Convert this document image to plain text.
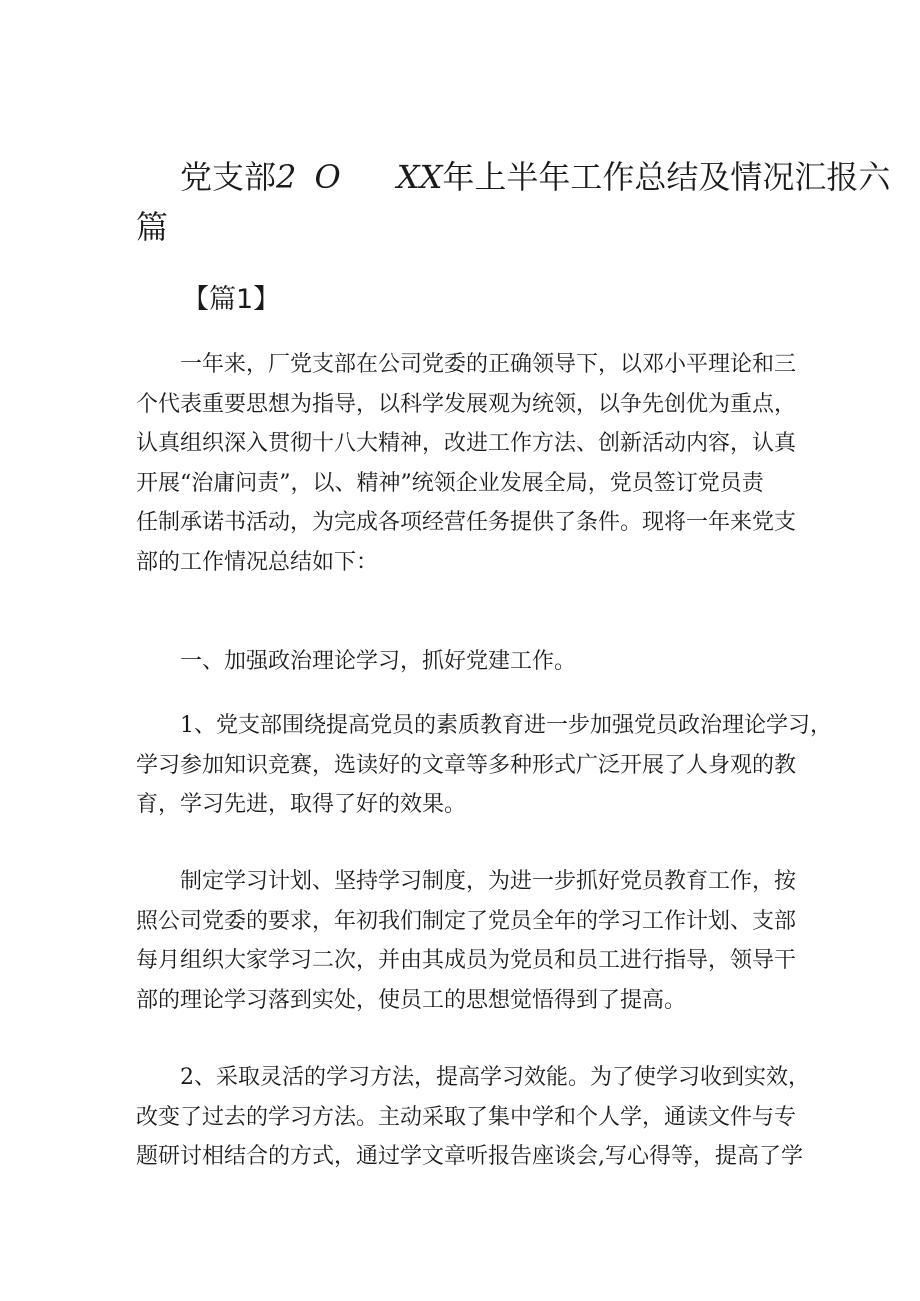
党支部2 O XX年上半年工作总结及情况汇报六
篇
【篇1】

一年来，厂党支部在公司党委的正确领导下，以邓小平理论和三
个代表重要思想为指导，以科学发展观为统领，以争先创优为重点，
认真组织深入贯彻十八大精神，改进工作方法、创新活动内容，认真
开展“治庸问责”，以、精神”统领企业发展全局，党员签订党员责
任制承诺书活动，为完成各项经营任务提供了条件。现将一年来党支
部的工作情况总结如下：

一、加强政治理论学习，抓好党建工作。

1、党支部围绕提高党员的素质教育进一步加强党员政治理论学习，
学习参加知识竞赛，选读好的文章等多种形式广泛开展了人身观的教
育，学习先进，取得了好的效果。

制定学习计划、坚持学习制度，为进一步抓好党员教育工作，按
照公司党委的要求，年初我们制定了党员全年的学习工作计划、支部
每月组织大家学习二次，并由其成员为党员和员工进行指导，领导干
部的理论学习落到实处，使员工的思想觉悟得到了提高。

2、采取灵活的学习方法，提高学习效能。为了使学习收到实效，
改变了过去的学习方法。主动采取了集中学和个人学，通读文件与专
题研讨相结合的方式，通过学文章听报告座谈会,写心得等，提高了学
